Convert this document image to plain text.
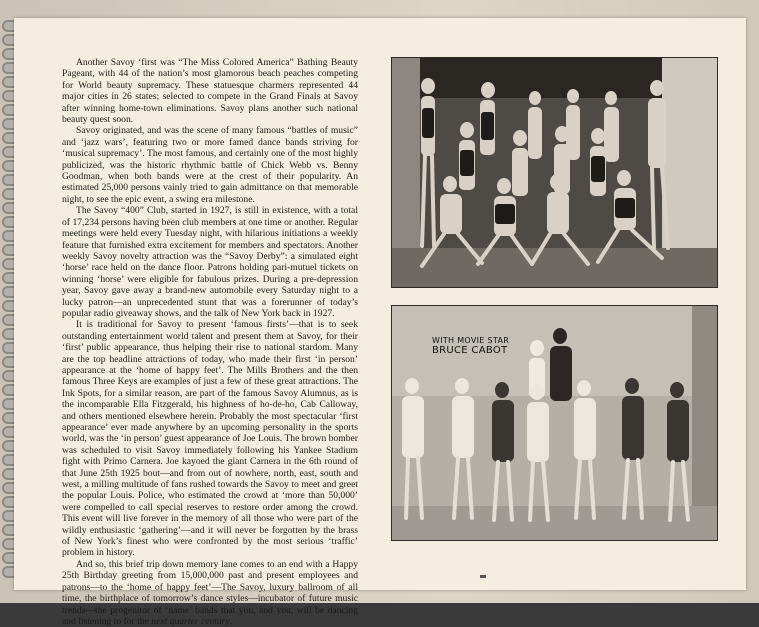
Another Savoy ‘first was “The Miss Colored America” Bathing Beauty Pageant, with 44 of the nation’s most glamorous beach peaches competing for World beauty supremacy. These statuesque charmers represented 44 major cities in 26 states; selected to compete in the Grand Finals at Savoy after winning home-town eliminations. Savoy plans another such national beauty quest soon.

Savoy originated, and was the scene of many famous “battles of music” and ‘jazz wars’, featuring two or more famed dance bands striving for ‘musical supremacy’. The most famous, and certainly one of the most highly publicized, was the historic rhythmic battle of Chick Webb vs. Benny Goodman, when both bands were at the crest of their popularity. An estimated 25,000 persons vainly tried to gain admittance on that memorable night, to see the epic event, a swing era milestone.

The Savoy “400” Club, started in 1927, is still in existence, with a total of 17,234 persons having been club members at one time or another. Regular meetings were held every Tuesday night, with hilarious initiations a weekly feature that furnished extra excitement for members and spectators. Another weekly Savoy novelty attraction was the “Savoy Derby”: a simulated eight ‘horse’ race held on the dance floor. Patrons holding pari-mutuel tickets on winning ‘horse’ were eligible for fabulous prizes. During a pre-depression year, Savoy gave away a brand-new automobile every Saturday night to a lucky patron—an unprecedented stunt that was a forerunner of today’s popular radio giveaway shows, and the talk of New York back in 1927.

It is traditional for Savoy to present ‘famous firsts’—that is to seek outstanding entertainment world talent and present them at Savoy, for their ‘first’ public appearance, thus helping their rise to national stardom. Many are the top headline attractions of today, who made their first ‘in person’ appearance at the ‘home of happy feet’. The Mills Brothers and the then famous Three Keys are examples of just a few of these great attractions. The Ink Spots, for a similar reason, are part of the famous Savoy Alumnus, as is the incomparable Ella Fitzgerald, his highness of ho-de-ho, Cab Calloway, and others mentioned elsewhere herein. Probably the most spectacular ‘first appearance’ ever made anywhere by an upcoming personality in the sports world, was the ‘in person’ guest appearance of Joe Louis. The brown bomber was scheduled to visit Savoy immediately following his Yankee Stadium fight with Primo Carnera. Joe kayoed the giant Carnera in the 6th round of that June 25th 1925 bout—and from out of nowhere, north, east, south and west, a milling multitude of fans rushed towards the Savoy to meet and greet the popular Louis. Police, who estimated the crowd at ‘more than 50,000’ were compelled to call special reserves to restore order among the crowd. This event will live forever in the memory of all those who were part of the wildly enthusiastic ‘gathering’—and it will never be forgotten by the brass of New York’s finest who were confronted by the most serious ‘traffic’ problem in history.

And so, this brief trip down memory lane comes to an end with a Happy 25th Birthday greeting from 15,000,000 past and present employees and patrons—to the ‘home of happy feet’—The Savoy, luxury ballroom of all time, the birthplace of tomorrow’s dance styles—incubator of future music trends—the progenitor of ‘name’ bands that you, and you, will be dancing and listening to for the next quarter century.

WITH MOVIE STAR
BRUCE CABOT
